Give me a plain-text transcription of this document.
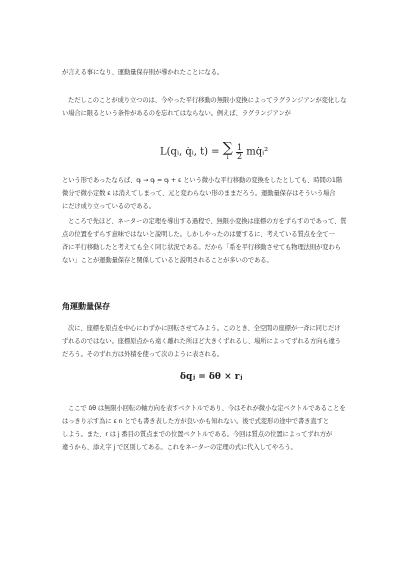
が言える事になり、運動量保存則が導かれたことになる。
ただしこのことが成り立つのは、今やった平行移動の無限小変換によってラグランジアンが変化しな
い場合に限るという条件があるのを忘れてはならない。例えば、ラグランジアンが
L(qᵢ, q̇ᵢ, t) = ∑
i
$\frac{1}{2}$ mq̇ᵢ²
という形であったならば、qᵢ → qᵢ = qᵢ + ε という微小な平行移動の変換をしたとしても、時間の1階
微分で微小定数 ε は消えてしまって、元と変わらない形のままだろう。運動量保存はそういう場合
にだけ成り立っているのである。
ところで先ほど、ネーターの定理を導出する過程で、無限小変換は座標の方をずらすのであって、質
点の位置をずらす意味ではないと説明した。しかしやったのは要するに、考えている質点を全て一
斉に平行移動したと考えても全く同じ状況である。だから「系を平行移動させても物理法則が変わら
ない」ことが運動量保存と関係していると説明されることが多いのである。
角運動量保存
次に、座標を原点を中心にわずかに回転させてみよう。このとき、全空間の座標が一斉に同じだけ
ずれるのではない。座標原点から遠く離れた所ほど大きくずれるし、場所によってずれる方向も違う
だろう。そのずれ方は外積を使って次のように表される。
δqⱼ = δθ × rⱼ
ここで δθ は無限小回転の軸方向を表すベクトルであり、今はそれが微小な定ベクトルであることを
はっきり示す為に ε n とでも書き表した方が良いかも知れない。後で式変形の途中で書き直すと
しよう。また、r は j 番目の質点までの位置ベクトルである。今回は質点の位置によってずれ方が
違うから、添え字 j で区別してある。これをネーターの定理の式に代入してやろう。
